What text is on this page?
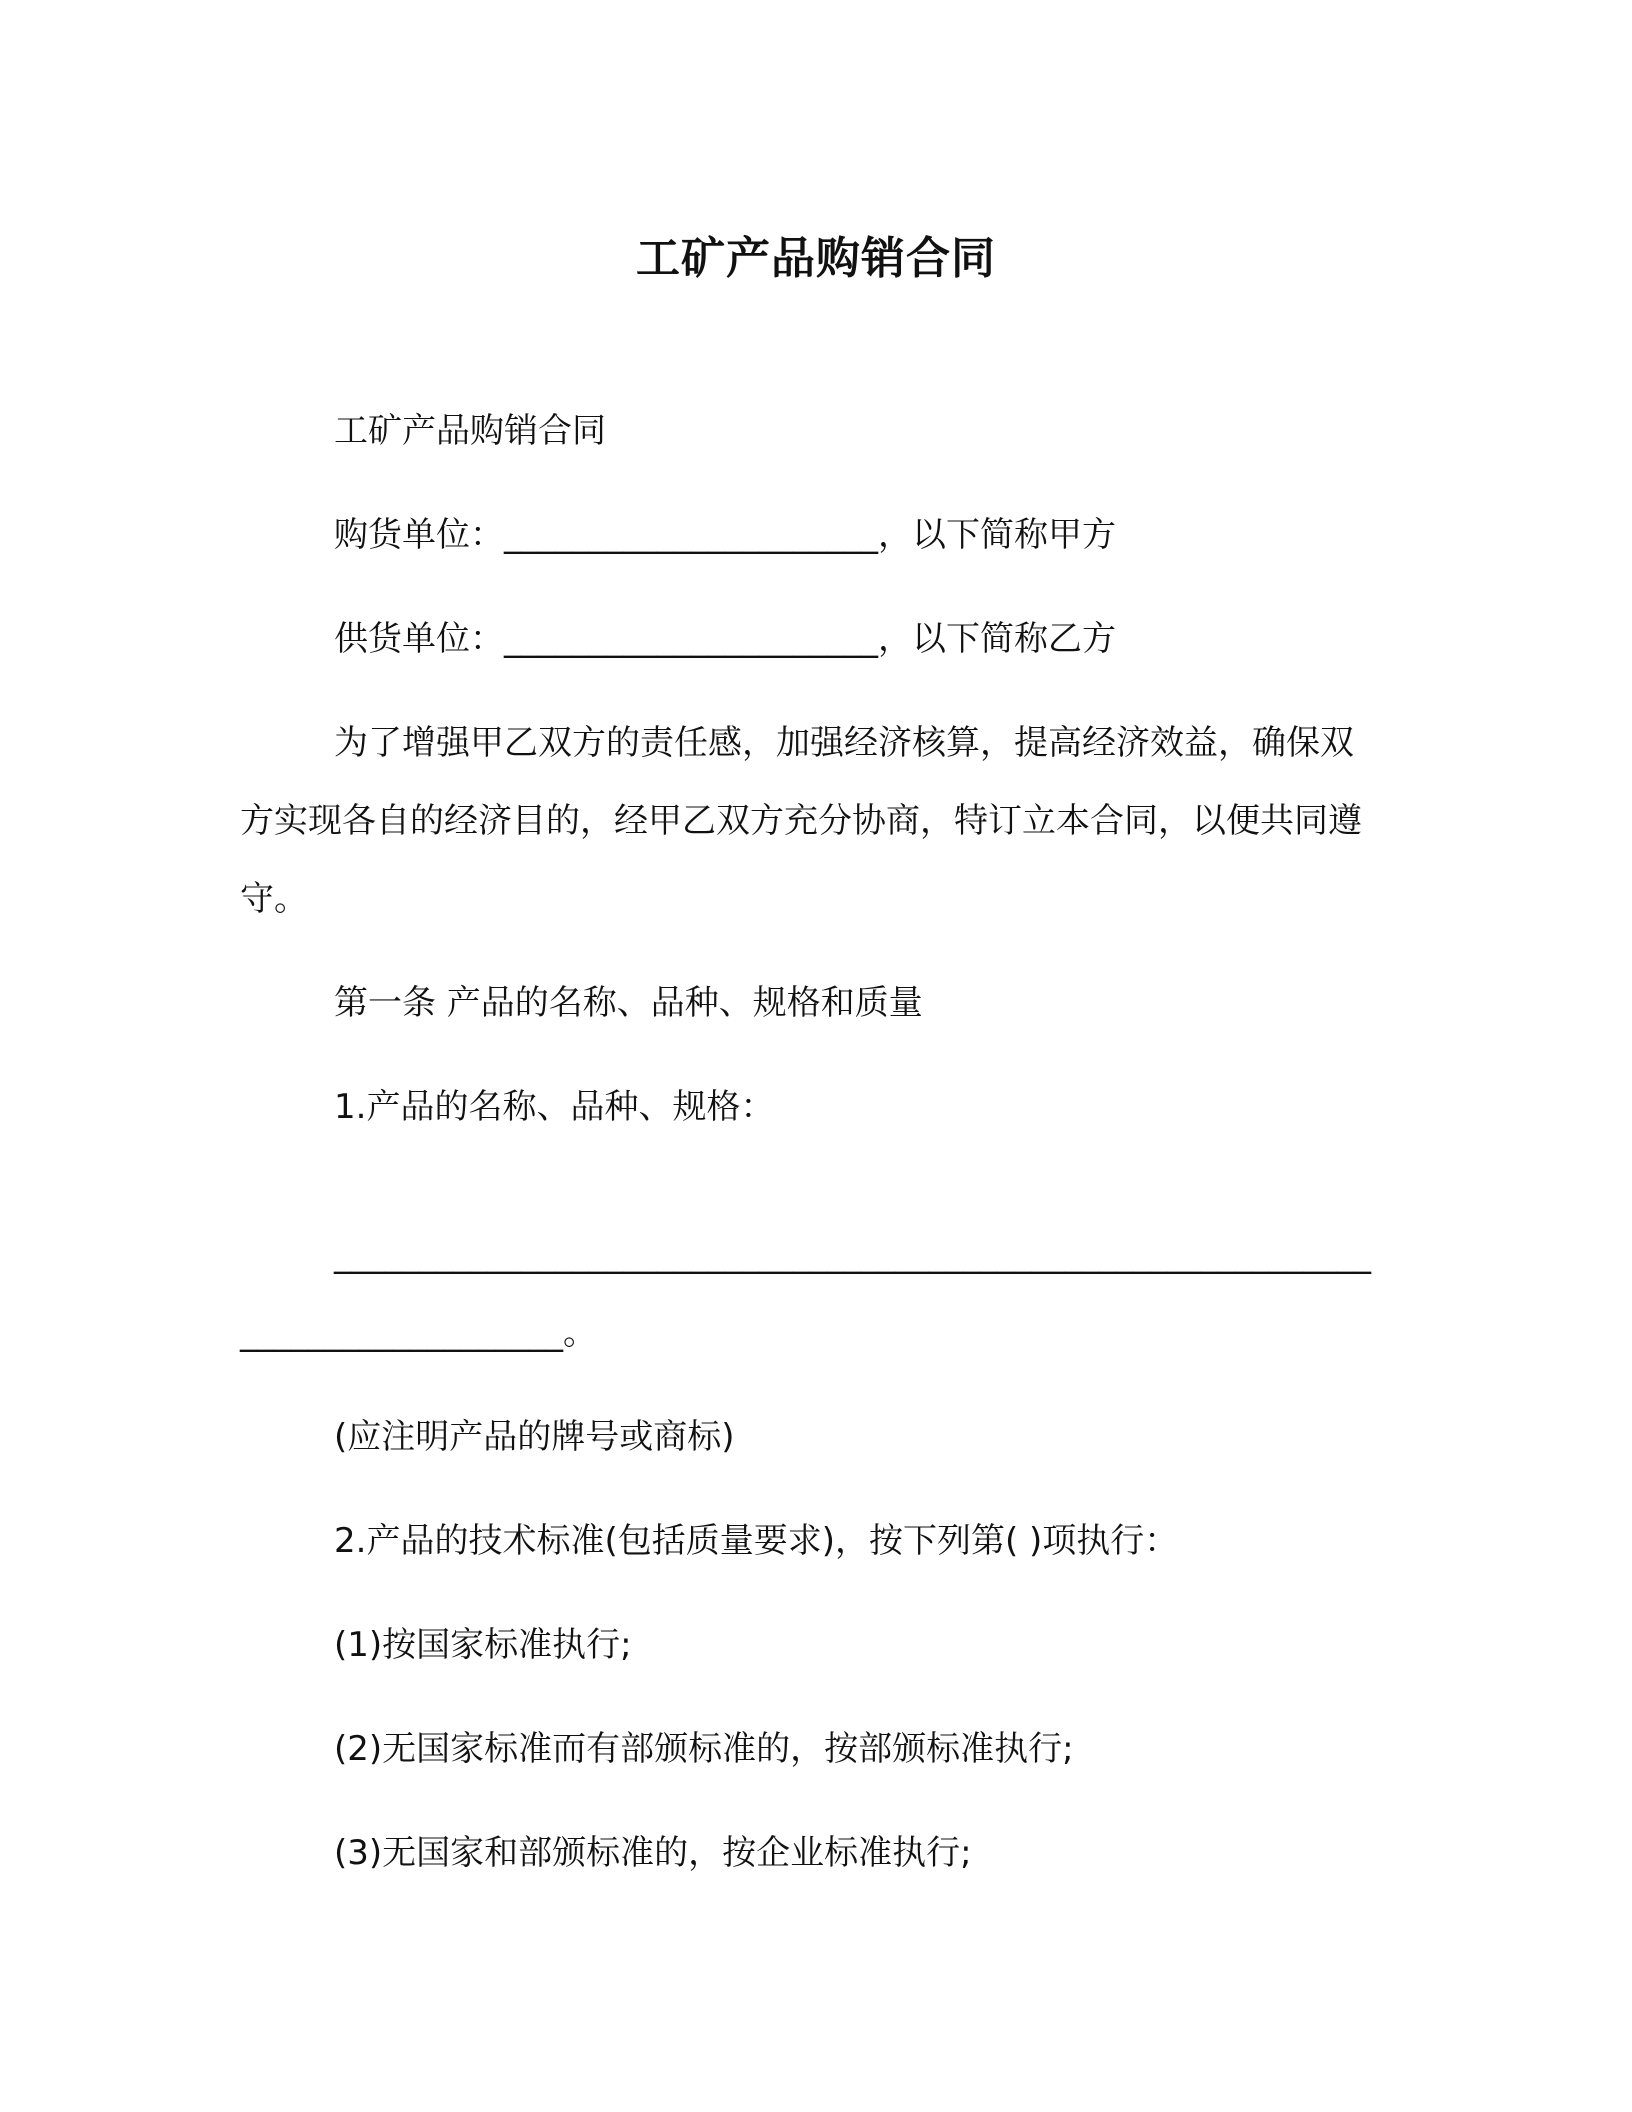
工矿产品购销合同
工矿产品购销合同
购货单位：______________________，以下简称甲方
供货单位：______________________，以下简称乙方
为了增强甲乙双方的责任感，加强经济核算，提高经济效益，确保双方实现各自的经济目的，经甲乙双方充分协商，特订立本合同，以便共同遵守。
第一条 产品的名称、品种、规格和质量
1.产品的名称、品种、规格：
________________________________________________________________________________。
(应注明产品的牌号或商标)
2.产品的技术标准(包括质量要求)，按下列第( )项执行：
(1)按国家标准执行;
(2)无国家标准而有部颁标准的，按部颁标准执行;
(3)无国家和部颁标准的，按企业标准执行;
